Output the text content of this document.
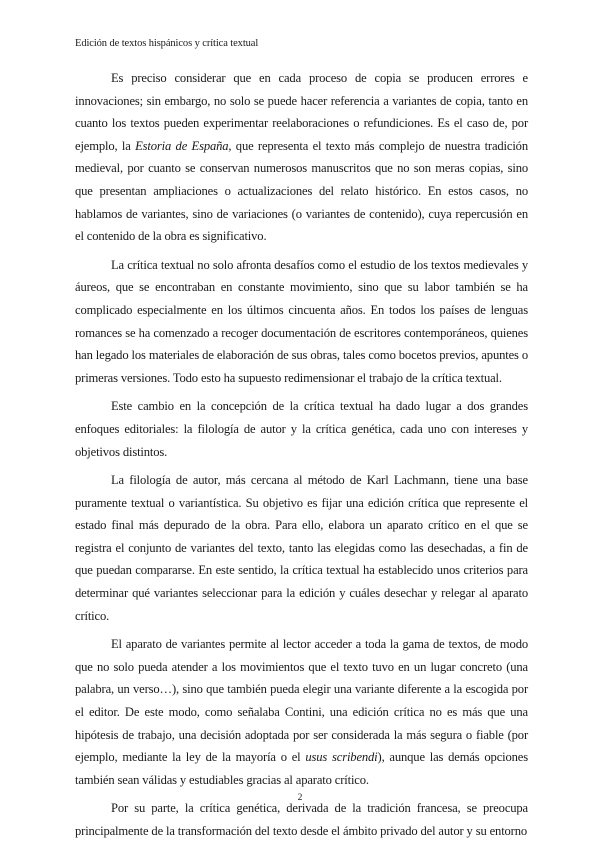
Edición de textos hispánicos y crítica textual

Es preciso considerar que en cada proceso de copia se producen errores e innovaciones; sin embargo, no solo se puede hacer referencia a variantes de copia, tanto en cuanto los textos pueden experimentar reelaboraciones o refundiciones. Es el caso de, por ejemplo, la Estoria de España, que representa el texto más complejo de nuestra tradición medieval, por cuanto se conservan numerosos manuscritos que no son meras copias, sino que presentan ampliaciones o actualizaciones del relato histórico. En estos casos, no hablamos de variantes, sino de variaciones (o variantes de contenido), cuya repercusión en el contenido de la obra es significativo.

La crítica textual no solo afronta desafíos como el estudio de los textos medievales y áureos, que se encontraban en constante movimiento, sino que su labor también se ha complicado especialmente en los últimos cincuenta años. En todos los países de lenguas romances se ha comenzado a recoger documentación de escritores contemporáneos, quienes han legado los materiales de elaboración de sus obras, tales como bocetos previos, apuntes o primeras versiones. Todo esto ha supuesto redimensionar el trabajo de la crítica textual.

Este cambio en la concepción de la crítica textual ha dado lugar a dos grandes enfoques editoriales: la filología de autor y la crítica genética, cada uno con intereses y objetivos distintos.

La filología de autor, más cercana al método de Karl Lachmann, tiene una base puramente textual o variantística. Su objetivo es fijar una edición crítica que represente el estado final más depurado de la obra. Para ello, elabora un aparato crítico en el que se registra el conjunto de variantes del texto, tanto las elegidas como las desechadas, a fin de que puedan compararse. En este sentido, la crítica textual ha establecido unos criterios para determinar qué variantes seleccionar para la edición y cuáles desechar y relegar al aparato crítico.

El aparato de variantes permite al lector acceder a toda la gama de textos, de modo que no solo pueda atender a los movimientos que el texto tuvo en un lugar concreto (una palabra, un verso…), sino que también pueda elegir una variante diferente a la escogida por el editor. De este modo, como señalaba Contini, una edición crítica no es más que una hipótesis de trabajo, una decisión adoptada por ser considerada la más segura o fiable (por ejemplo, mediante la ley de la mayoría o el usus scribendi), aunque las demás opciones también sean válidas y estudiables gracias al aparato crítico.

Por su parte, la crítica genética, derivada de la tradición francesa, se preocupa principalmente de la transformación del texto desde el ámbito privado del autor y su entorno

2
